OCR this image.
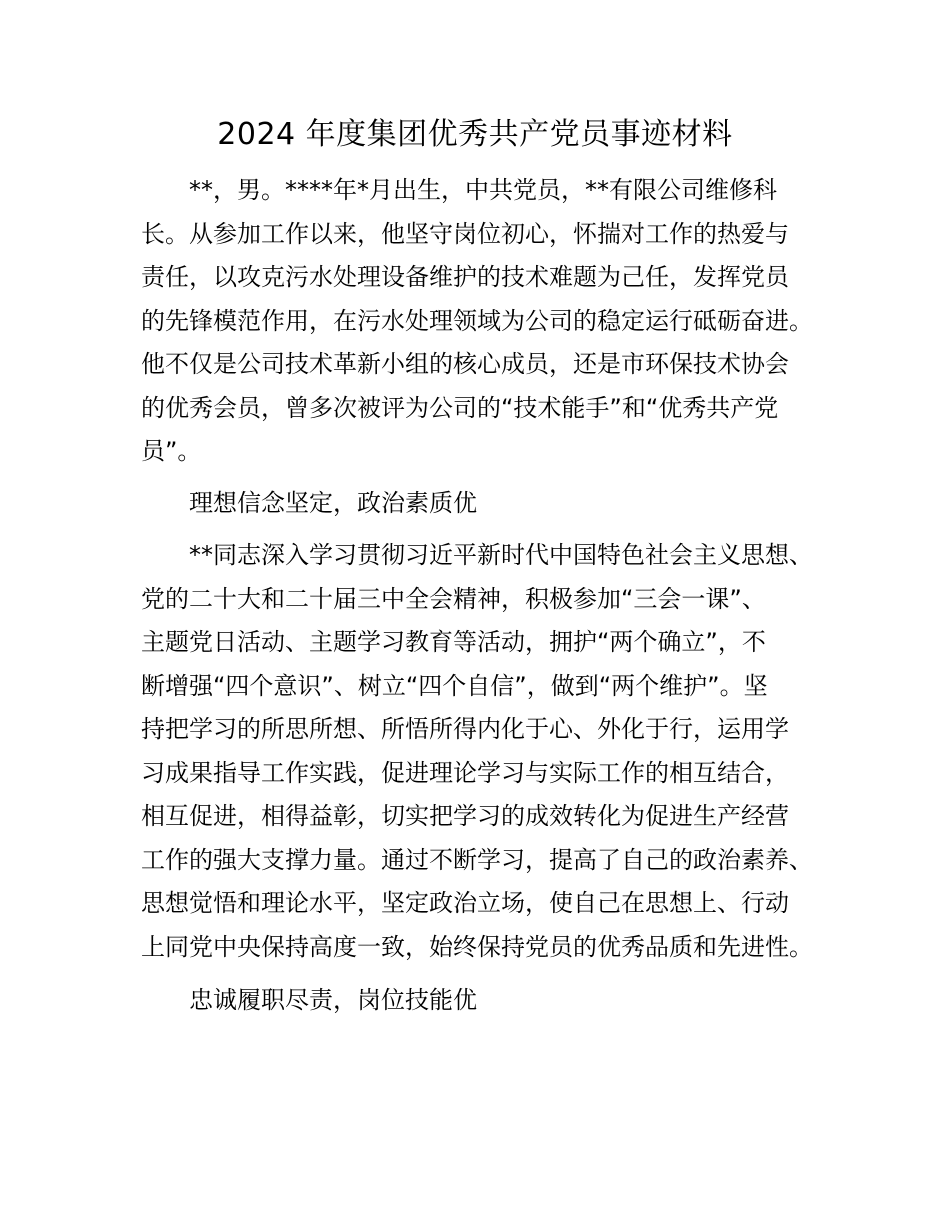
2024 年度集团优秀共产党员事迹材料
**，男。****年*月出生，中共党员，**有限公司维修科
长。从参加工作以来，他坚守岗位初心，怀揣对工作的热爱与
责任，以攻克污水处理设备维护的技术难题为己任，发挥党员
的先锋模范作用，在污水处理领域为公司的稳定运行砥砺奋进。
他不仅是公司技术革新小组的核心成员，还是市环保技术协会
的优秀会员，曾多次被评为公司的“技术能手”和“优秀共产党
员”。
理想信念坚定，政治素质优
**同志深入学习贯彻习近平新时代中国特色社会主义思想、
党的二十大和二十届三中全会精神，积极参加“三会一课”、
主题党日活动、主题学习教育等活动，拥护“两个确立”，不
断增强“四个意识”、树立“四个自信”，做到“两个维护”。坚
持把学习的所思所想、所悟所得内化于心、外化于行，运用学
习成果指导工作实践，促进理论学习与实际工作的相互结合，
相互促进，相得益彰，切实把学习的成效转化为促进生产经营
工作的强大支撑力量。通过不断学习，提高了自己的政治素养、
思想觉悟和理论水平，坚定政治立场，使自己在思想上、行动
上同党中央保持高度一致，始终保持党员的优秀品质和先进性。
忠诚履职尽责，岗位技能优
